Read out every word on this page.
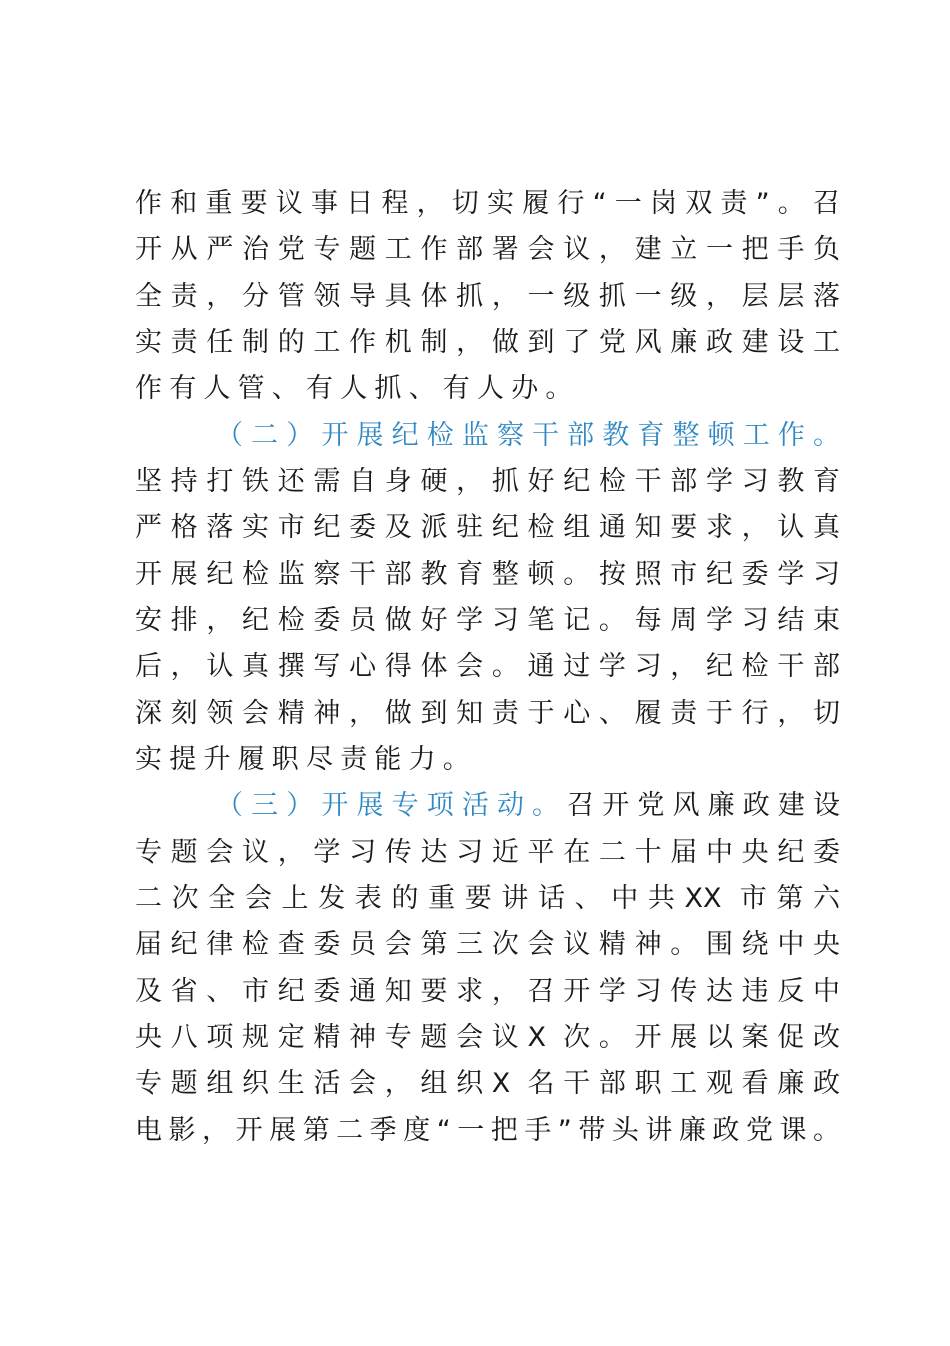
作和重要议事日程，切实履行“一岗双责”。召
开从严治党专题工作部署会议，建立一把手负
全责，分管领导具体抓，一级抓一级，层层落
实责任制的工作机制，做到了党风廉政建设工
作有人管、有人抓、有人办。
（二）开展纪检监察干部教育整顿工作。
坚持打铁还需自身硬，抓好纪检干部学习教育
严格落实市纪委及派驻纪检组通知要求，认真
开展纪检监察干部教育整顿。按照市纪委学习
安排，纪检委员做好学习笔记。每周学习结束
后，认真撰写心得体会。通过学习，纪检干部
深刻领会精神，做到知责于心、履责于行，切
实提升履职尽责能力。
（三）开展专项活动。召开党风廉政建设
专题会议，学习传达习近平在二十届中央纪委
二次全会上发表的重要讲话、中共XX 市第六
届纪律检查委员会第三次会议精神。围绕中央
及省、市纪委通知要求，召开学习传达违反中
央八项规定精神专题会议X 次。开展以案促改
专题组织生活会，组织X 名干部职工观看廉政
电影，开展第二季度“一把手”带头讲廉政党课。
